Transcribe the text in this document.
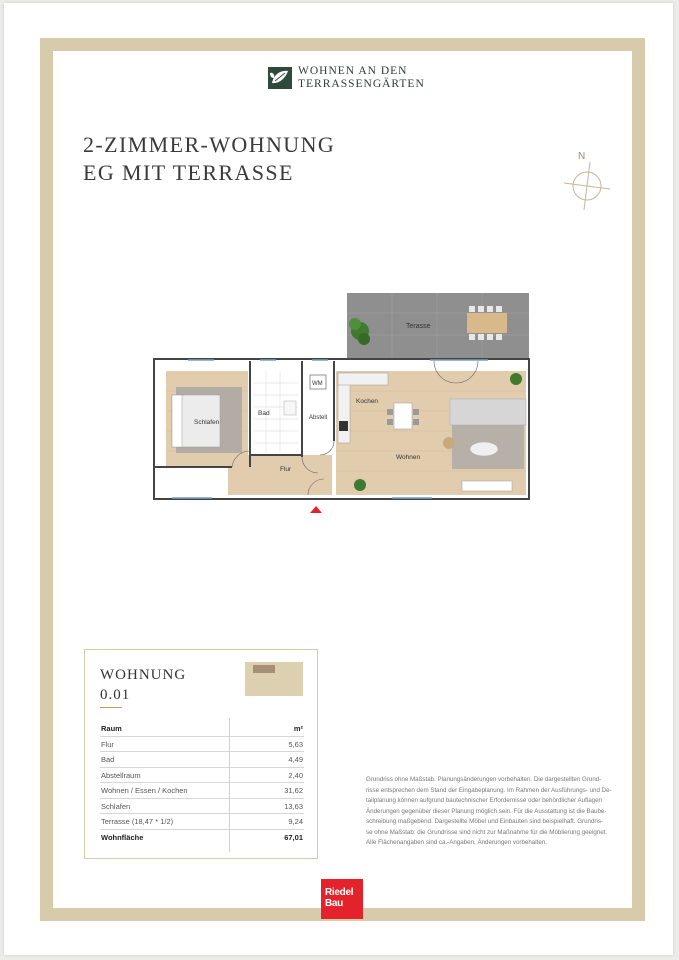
WOHNEN AN DEN
TERRASSENGÄRTEN
2-ZIMMER-WOHNUNG
EG MIT TERRASSE
N
Terasse
Schlafen
Bad
WM
Abstell
Kochen
Wohnen
Flur
WOHNUNG
0.01
Raum	m²
Flur	5,63
Bad	4,49
Abstellraum	2,40
Wohnen / Essen / Kochen	31,62
Schlafen	13,63
Terrasse (18,47 * 1/2)	9,24
Wohnfläche	67,01
Grundriss ohne Maßstab. Planungsänderungen vorbehalten. Die dargestellten Grund-
risse entsprechen dem Stand der Eingabeplanung. Im Rahmen der Ausführungs- und De-
tailplanung können aufgrund bautechnischer Erfordernisse oder behördlicher Auflagen
Änderungen gegenüber dieser Planung möglich sein. Für die Ausstattung ist die Baube-
schreibung maßgebend. Dargestellte Möbel und Einbauten sind beispielhaft. Grundris-
se ohne Maßstab: die Grundrisse sind nicht zur Maßnahme für die Möblierung geeignet.
Alle Flächenangaben sind ca.-Angaben, Änderungen vorbehalten.
Riedel
Bau
